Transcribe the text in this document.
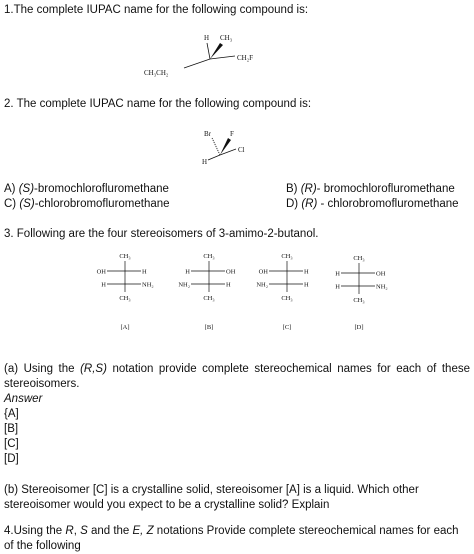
1.The complete IUPAC name for the following compound is:
H CH₃
CH₂F
CH₃CH₂
2. The complete IUPAC name for the following compound is:
Br	F
Cl
H
A) (S)-bromochlorofluromethane	B) (R)- bromochlorofluromethane
C) (S)-chlorobromofluromethane	D) (R) - chlorobromofluromethane
3. Following are the four stereoisomers of 3-amimo-2-butanol.
CH₃
OH	H
H	NH₂
CH₃
[A]
CH₃
H	OH
NH₂	H
CH₃
[B]
CH₃
OH	H
NH₂	H
CH₃
[C]
CH₃
H	OH
H	NH₂
CH₃
[D]
(a) Using the (R,S) notation provide complete stereochemical names for each of these stereoisomers.
Answer
{A]
[B]
[C]
[D]
(b) Stereoisomer [C] is a crystalline solid, stereoisomer [A] is a liquid. Which other stereoisomer would you expect to be a crystalline solid? Explain
4.Using the R, S and the E, Z notations Provide complete stereochemical names for each of the following
